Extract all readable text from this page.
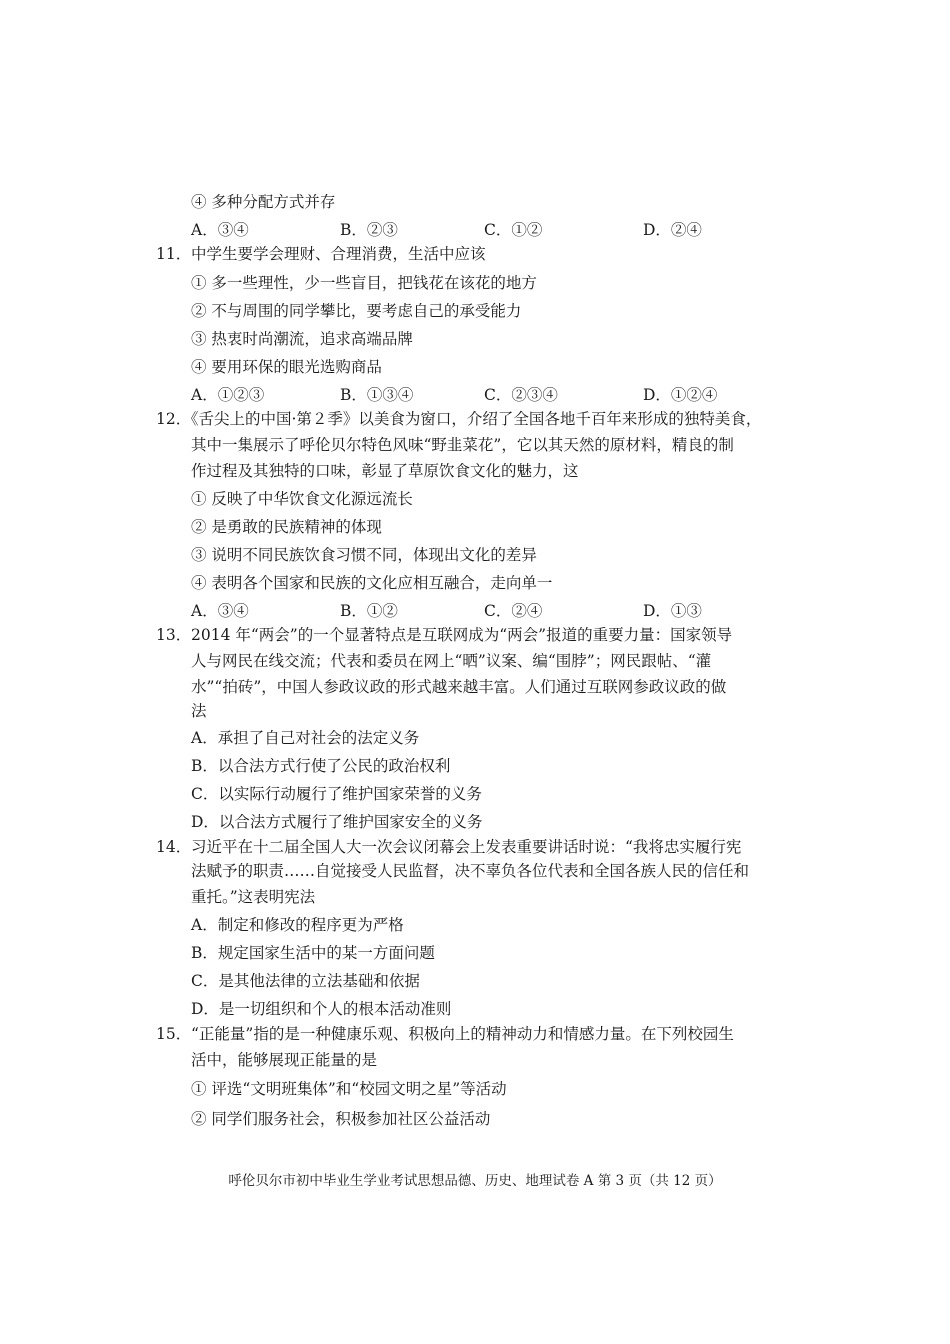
④ 多种分配方式并存
A．③④	B．②③	C．①②	D．②④
11． 中学生要学会理财、合理消费，生活中应该
① 多一些理性，少一些盲目，把钱花在该花的地方
② 不与周围的同学攀比，要考虑自己的承受能力
③ 热衷时尚潮流，追求高端品牌
④ 要用环保的眼光选购商品
A．①②③	B．①③④	C．②③④	D．①②④
12．
《舌尖上的中国·第２季》以美食为窗口，介绍了全国各地千百年来形成的独特美食，
其中一集展示了呼伦贝尔特色风味“野韭菜花”，它以其天然的原材料，精良的制
作过程及其独特的口味，彰显了草原饮食文化的魅力，这
① 反映了中华饮食文化源远流长
② 是勇敢的民族精神的体现
③ 说明不同民族饮食习惯不同，体现出文化的差异
④ 表明各个国家和民族的文化应相互融合，走向单一
A．③④	B．①②	C．②④	D．①③
13． 2014 年“两会”的一个显著特点是互联网成为“两会”报道的重要力量：国家领导
人与网民在线交流；代表和委员在网上“晒”议案、编“围脖”；网民跟帖、“灌
水”“拍砖”，中国人参政议政的形式越来越丰富。人们通过互联网参政议政的做
法
A．承担了自己对社会的法定义务
B．以合法方式行使了公民的政治权利
C．以实际行动履行了维护国家荣誉的义务
D．以合法方式履行了维护国家安全的义务
14． 习近平在十二届全国人大一次会议闭幕会上发表重要讲话时说：“我将忠实履行宪
法赋予的职责……自觉接受人民监督，决不辜负各位代表和全国各族人民的信任和
重托。”这表明宪法
A．制定和修改的程序更为严格
B．规定国家生活中的某一方面问题
C．是其他法律的立法基础和依据
D．是一切组织和个人的根本活动准则
15． “正能量”指的是一种健康乐观、积极向上的精神动力和情感力量。在下列校园生
活中，能够展现正能量的是
① 评选“文明班集体”和“校园文明之星”等活动
② 同学们服务社会，积极参加社区公益活动
呼伦贝尔市初中毕业生学业考试思想品德、历史、地理试卷 A 第 3 页（共 12 页）
